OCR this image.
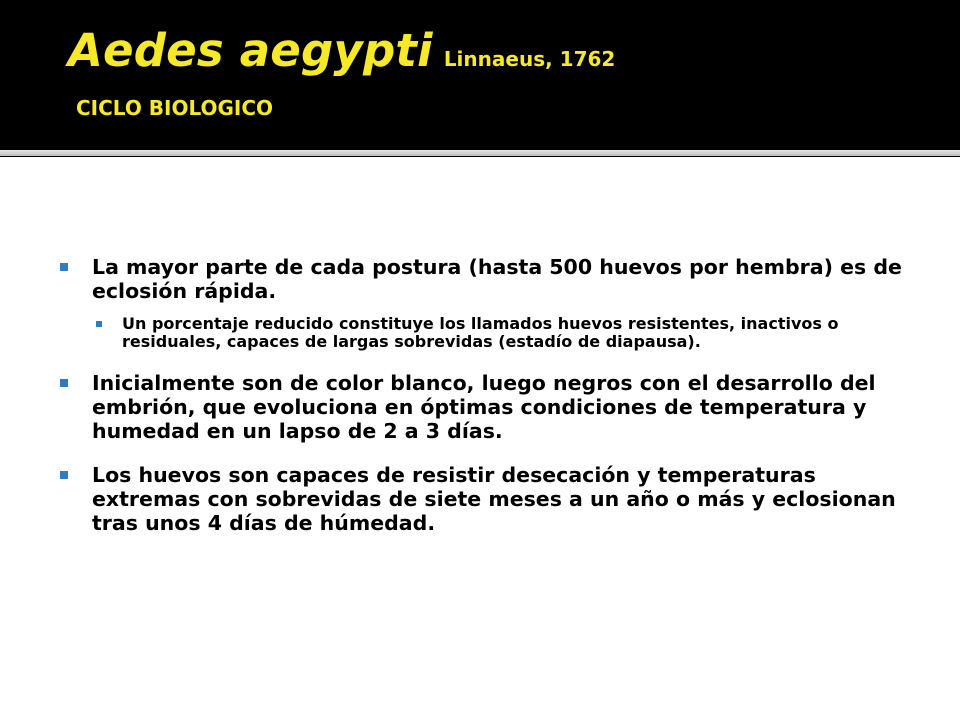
Aedes aegypti Linnaeus, 1762
CICLO BIOLOGICO
La mayor parte de cada postura (hasta 500 huevos por hembra) es de eclosión rápida.
Un porcentaje reducido constituye los llamados huevos resistentes, inactivos o residuales, capaces de largas sobrevidas (estadío de diapausa).
Inicialmente son de color blanco, luego negros con el desarrollo del embrión, que evoluciona en óptimas condiciones de temperatura y humedad en un lapso de 2 a 3 días.
Los huevos son capaces de resistir desecación y temperaturas extremas con sobrevidas de siete meses a un año o más y eclosionan tras unos 4 días de húmedad.
